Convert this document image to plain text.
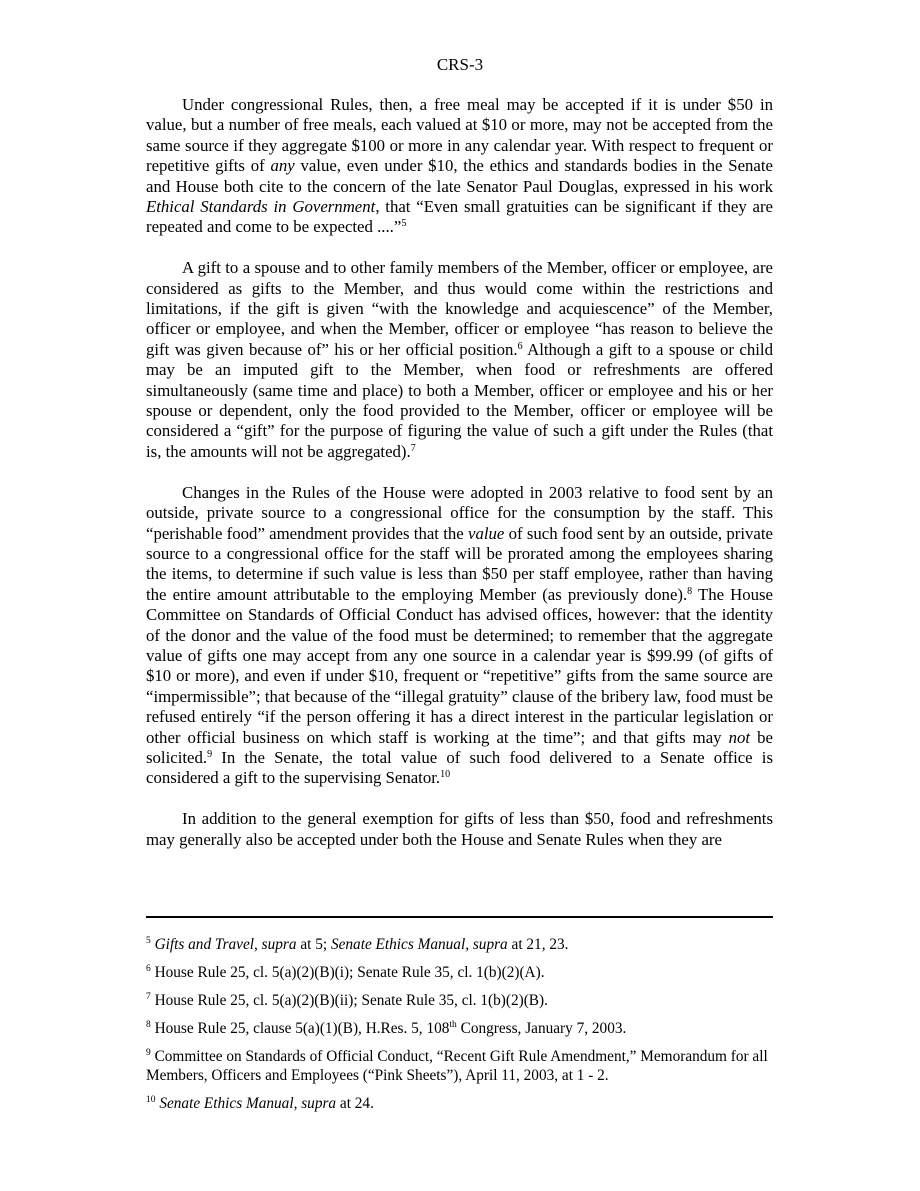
CRS-3

Under congressional Rules, then, a free meal may be accepted if it is under $50 in value, but a number of free meals, each valued at $10 or more, may not be accepted from the same source if they aggregate $100 or more in any calendar year. With respect to frequent or repetitive gifts of any value, even under $10, the ethics and standards bodies in the Senate and House both cite to the concern of the late Senator Paul Douglas, expressed in his work Ethical Standards in Government, that “Even small gratuities can be significant if they are repeated and come to be expected ....”$^5$

A gift to a spouse and to other family members of the Member, officer or employee, are considered as gifts to the Member, and thus would come within the restrictions and limitations, if the gift is given “with the knowledge and acquiescence” of the Member, officer or employee, and when the Member, officer or employee “has reason to believe the gift was given because of” his or her official position.$^6$ Although a gift to a spouse or child may be an imputed gift to the Member, when food or refreshments are offered simultaneously (same time and place) to both a Member, officer or employee and his or her spouse or dependent, only the food provided to the Member, officer or employee will be considered a “gift” for the purpose of figuring the value of such a gift under the Rules (that is, the amounts will not be aggregated).$^7$

Changes in the Rules of the House were adopted in 2003 relative to food sent by an outside, private source to a congressional office for the consumption by the staff. This “perishable food” amendment provides that the value of such food sent by an outside, private source to a congressional office for the staff will be prorated among the employees sharing the items, to determine if such value is less than $50 per staff employee, rather than having the entire amount attributable to the employing Member (as previously done).$^8$ The House Committee on Standards of Official Conduct has advised offices, however: that the identity of the donor and the value of the food must be determined; to remember that the aggregate value of gifts one may accept from any one source in a calendar year is $99.99 (of gifts of $10 or more), and even if under $10, frequent or “repetitive” gifts from the same source are “impermissible”; that because of the “illegal gratuity” clause of the bribery law, food must be refused entirely “if the person offering it has a direct interest in the particular legislation or other official business on which staff is working at the time”; and that gifts may not be solicited.$^9$ In the Senate, the total value of such food delivered to a Senate office is considered a gift to the supervising Senator.$^{10}$

In addition to the general exemption for gifts of less than $50, food and refreshments may generally also be accepted under both the House and Senate Rules when they are

$^5$ Gifts and Travel, supra at 5; Senate Ethics Manual, supra at 21, 23.
$^6$ House Rule 25, cl. 5(a)(2)(B)(i); Senate Rule 35, cl. 1(b)(2)(A).
$^7$ House Rule 25, cl. 5(a)(2)(B)(ii); Senate Rule 35, cl. 1(b)(2)(B).
$^8$ House Rule 25, clause 5(a)(1)(B), H.Res. 5, 108th Congress, January 7, 2003.
$^9$ Committee on Standards of Official Conduct, “Recent Gift Rule Amendment,” Memorandum for all Members, Officers and Employees (“Pink Sheets”), April 11, 2003, at 1 - 2.
$^{10}$ Senate Ethics Manual, supra at 24.
